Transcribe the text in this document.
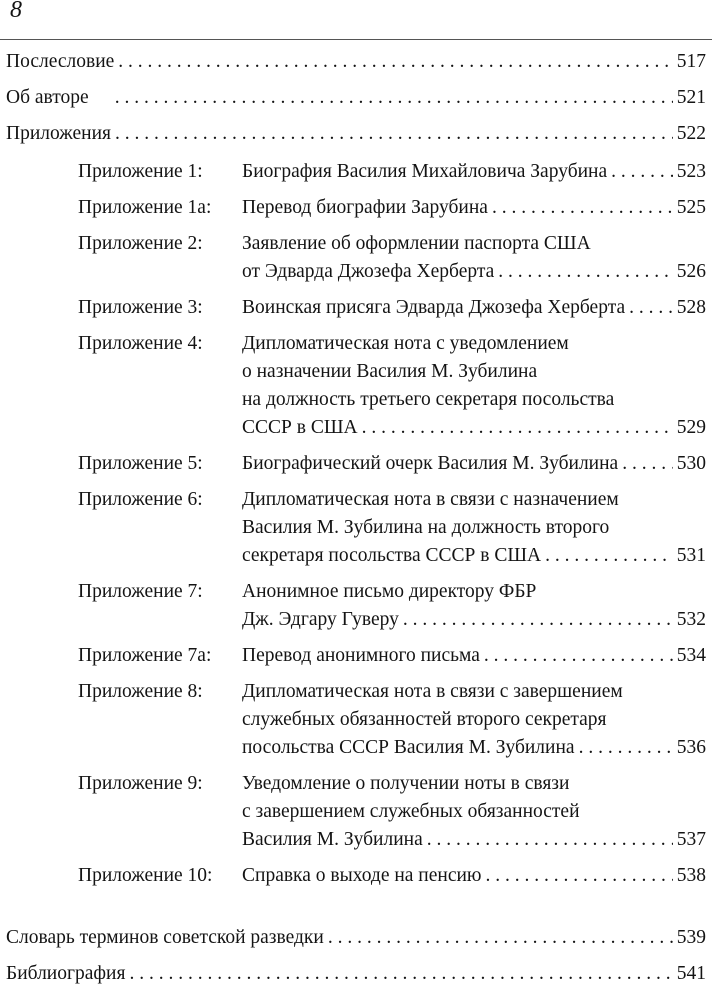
8
Послесловие . . .	517
Об авторе . . .	521
Приложения . . .	522
Приложение 1: Биография Василия Михайловича Зарубина . . .	523
Приложение 1а: Перевод биографии Зарубина . . .	525
Приложение 2: Заявление об оформлении паспорта США
от Эдварда Джозефа Херберта . . .	526
Приложение 3: Воинская присяга Эдварда Джозефа Херберта . . .	528
Приложение 4: Дипломатическая нота с уведомлением
о назначении Василия М. Зубилина
на должность третьего секретаря посольства
СССР в США . . .	529
Приложение 5: Биографический очерк Василия М. Зубилина . . .	530
Приложение 6: Дипломатическая нота в связи с назначением
Василия М. Зубилина на должность второго
секретаря посольства СССР в США . . .	531
Приложение 7: Анонимное письмо директору ФБР
Дж. Эдгару Гуверу . . .	532
Приложение 7а: Перевод анонимного письма . . .	534
Приложение 8: Дипломатическая нота в связи с завершением
служебных обязанностей второго секретаря
посольства СССР Василия М. Зубилина . . .	536
Приложение 9: Уведомление о получении ноты в связи
с завершением служебных обязанностей
Василия М. Зубилина . . .	537
Приложение 10: Справка о выходе на пенсию . . .	538
Словарь терминов советской разведки . . .	539
Библиография . . .	541
